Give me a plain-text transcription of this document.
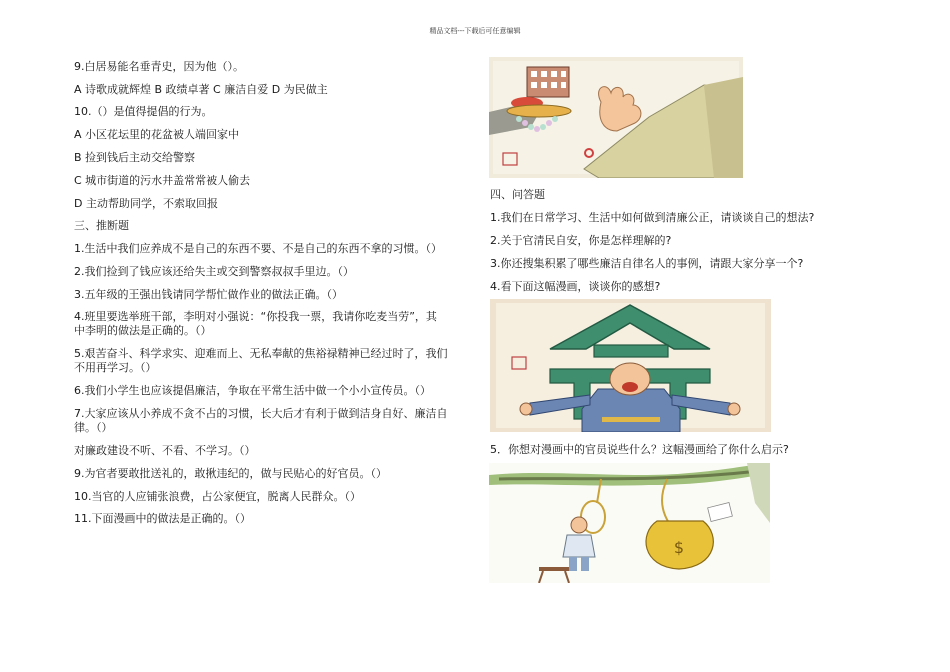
精品文档---下载后可任意编辑
9.白居易能名垂青史，因为他（）。
A 诗歌成就辉煌 B 政绩卓著 C 廉洁自爱 D 为民做主
10.（）是值得提倡的行为。
A 小区花坛里的花盆被人端回家中
B 捡到钱后主动交给警察
C 城市街道的污水井盖常常被人偷去
D 主动帮助同学，不索取回报
三、推断题
1.生活中我们应养成不是自己的东西不要、不是自己的东西不拿的习惯。（）
2.我们捡到了钱应该还给失主或交到警察叔叔手里边。（）
3.五年级的王强出钱请同学帮忙做作业的做法正确。（）
4.班里要选举班干部，李明对小强说：“你投我一票，我请你吃麦当劳”，其
中李明的做法是正确的。（）
5.艰苦奋斗、科学求实、迎难而上、无私奉献的焦裕禄精神已经过时了，我们
不用再学习。（）
6.我们小学生也应该提倡廉洁，争取在平常生活中做一个小小宣传员。（）
7.大家应该从小养成不贪不占的习惯，长大后才有利于做到洁身自好、廉洁自
律。（）
对廉政建设不听、不看、不学习。（）
9.为官者要敢批送礼的，敢揪违纪的，做与民贴心的好官员。（）
10.当官的人应铺张浪费，占公家便宜，脱离人民群众。（）
11.下面漫画中的做法是正确的。（）
四、问答题
1.我们在日常学习、生活中如何做到清廉公正，请谈谈自己的想法?
2.关于官清民自安，你是怎样理解的?
3.你还搜集积累了哪些廉洁自律名人的事例，请跟大家分享一个?
4.看下面这幅漫画，谈谈你的感想?
5．你想对漫画中的官员说些什么？这幅漫画给了你什么启示?
$
